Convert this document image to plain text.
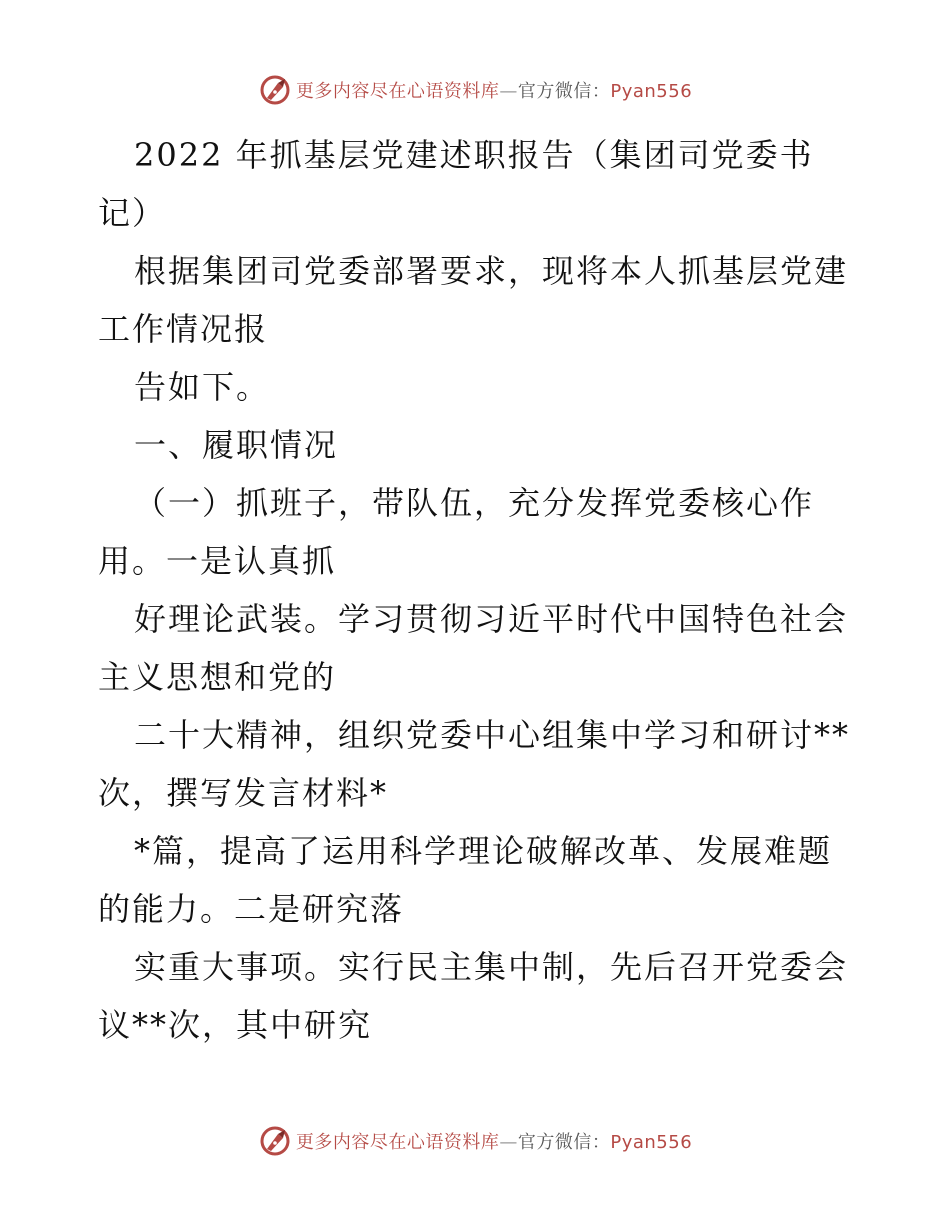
更多内容尽在心语资料库—官方微信：Pyan556
2022 年抓基层党建述职报告（集团司党委书
记）
根据集团司党委部署要求，现将本人抓基层党建
工作情况报
告如下。
一、履职情况
（一）抓班子，带队伍，充分发挥党委核心作
用。一是认真抓
好理论武装。学习贯彻习近平时代中国特色社会
主义思想和党的
二十大精神，组织党委中心组集中学习和研讨**
次，撰写发言材料*
*篇，提高了运用科学理论破解改革、发展难题
的能力。二是研究落
实重大事项。实行民主集中制，先后召开党委会
议**次，其中研究
更多内容尽在心语资料库—官方微信：Pyan556
